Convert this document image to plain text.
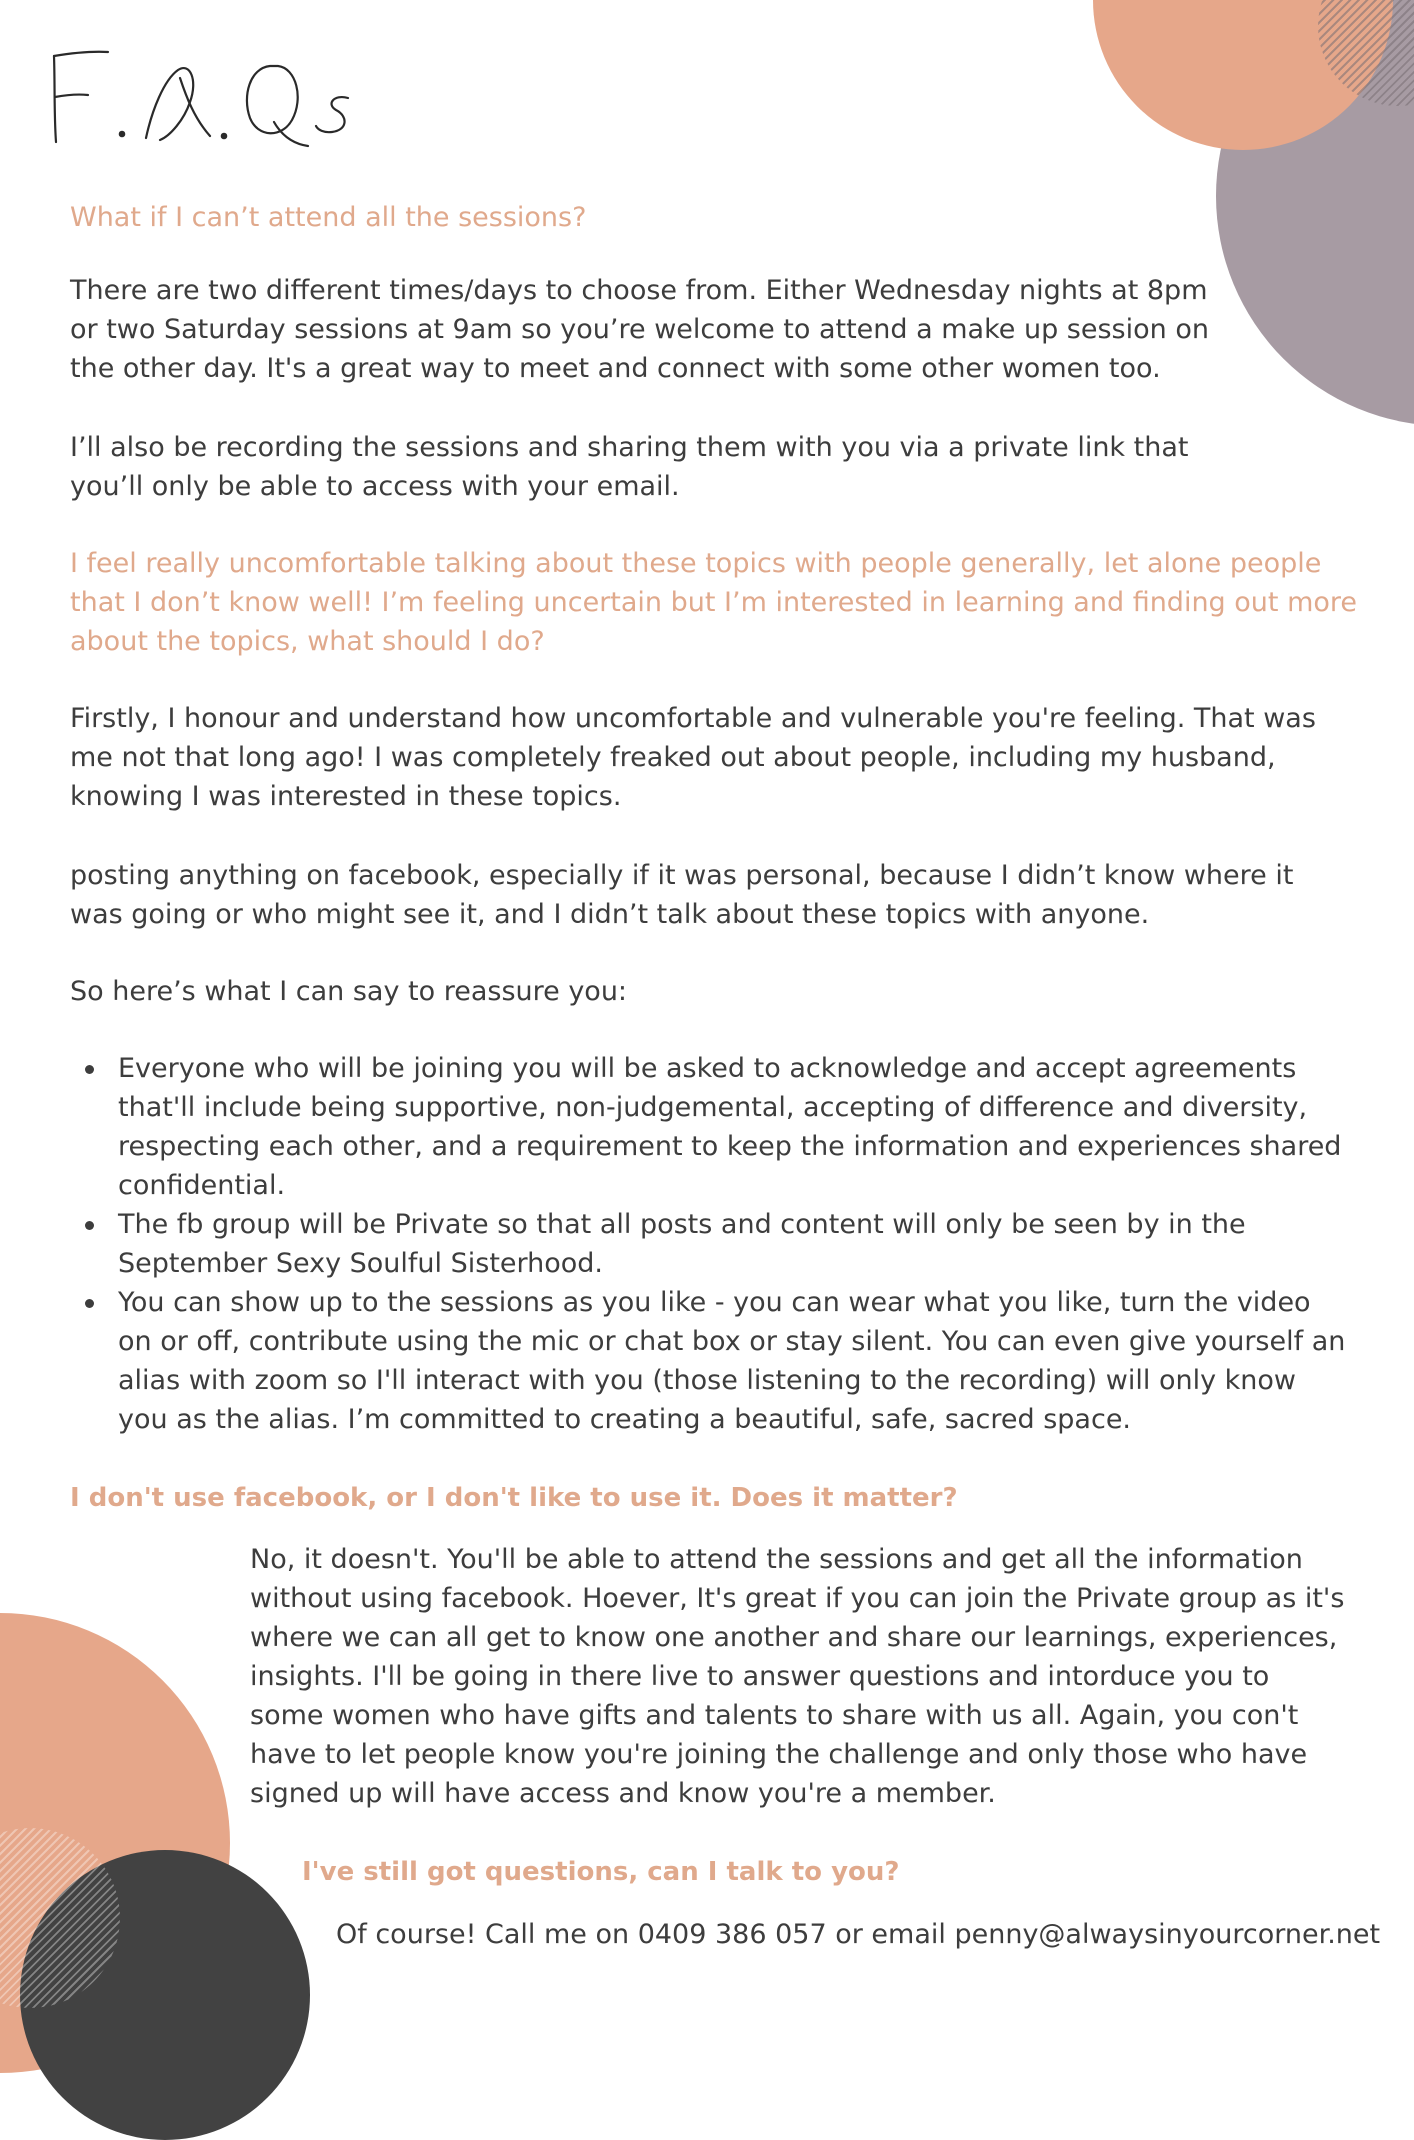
What if I can’t attend all the sessions?

There are two different times/days to choose from. Either Wednesday nights at 8pm or two Saturday sessions at 9am so you’re welcome to attend a make up session on the other day. It's a great way to meet and connect with some other women too.

I’ll also be recording the sessions and sharing them with you via a private link that you’ll only be able to access with your email.

I feel really uncomfortable talking about these topics with people generally, let alone people that I don’t know well! I’m feeling uncertain but I’m interested in learning and finding out more about the topics, what should I do?

Firstly, I honour and understand how uncomfortable and vulnerable you're feeling. That was me not that long ago! I was completely freaked out about people, including my husband, knowing I was interested in these topics.

posting anything on facebook, especially if it was personal, because I didn’t know where it was going or who might see it, and I didn’t talk about these topics with anyone.

So here’s what I can say to reassure you:

Everyone who will be joining you will be asked to acknowledge and accept agreements that'll include being supportive, non-judgemental, accepting of difference and diversity, respecting each other, and a requirement to keep the information and experiences shared confidential.
The fb group will be Private so that all posts and content will only be seen by in the September Sexy Soulful Sisterhood.
You can show up to the sessions as you like - you can wear what you like, turn the video on or off, contribute using the mic or chat box or stay silent. You can even give yourself an alias with zoom so I'll interact with you (those listening to the recording) will only know you as the alias. I’m committed to creating a beautiful, safe, sacred space.

I don't use facebook, or I don't like to use it. Does it matter?

No, it doesn't. You'll be able to attend the sessions and get all the information without using facebook. Hoever, It's great if you can join the Private group as it's where we can all get to know one another and share our learnings, experiences, insights. I'll be going in there live to answer questions and intorduce you to some women who have gifts and talents to share with us all. Again, you con't have to let people know you're joining the challenge and only those who have signed up will have access and know you're a member.

I've still got questions, can I talk to you?

Of course! Call me on 0409 386 057 or email penny@alwaysinyourcorner.net
